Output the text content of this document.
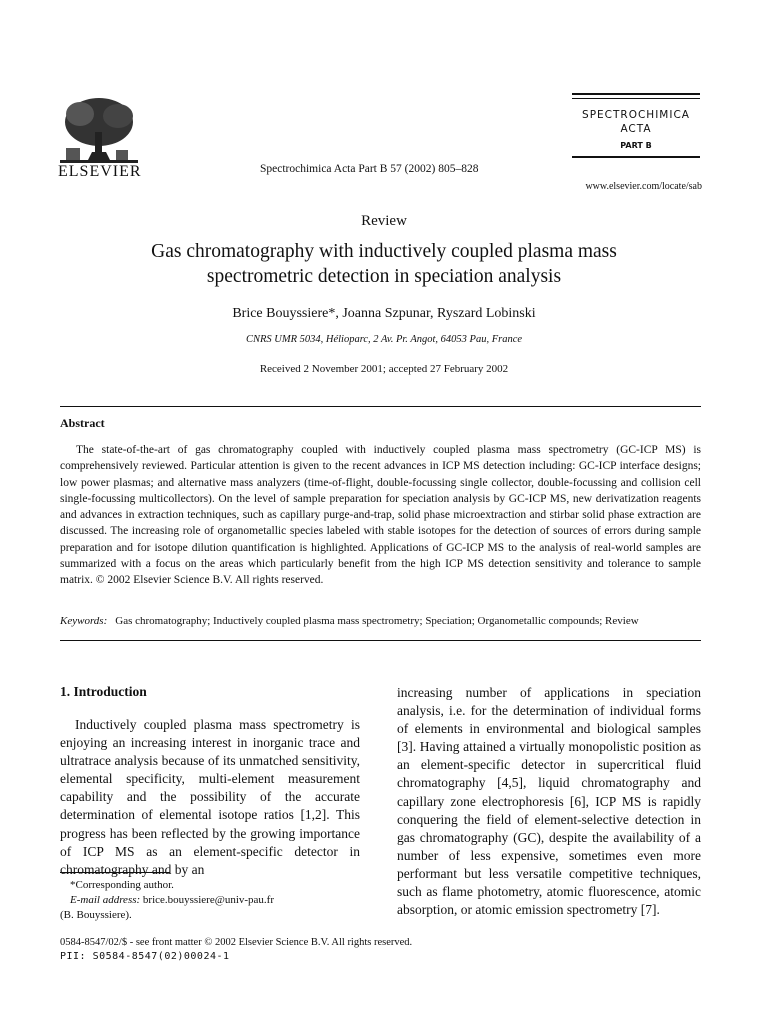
ELSEVIER	Spectrochimica Acta Part B 57 (2002) 805–828
SPECTROCHIMICA
ACTA
PART B
www.elsevier.com/locate/sab
Review
Gas chromatography with inductively coupled plasma mass
spectrometric detection in speciation analysis
Brice Bouyssiere*, Joanna Szpunar, Ryszard Lobinski
CNRS UMR 5034, Hélioparc, 2 Av. Pr. Angot, 64053 Pau, France
Received 2 November 2001; accepted 27 February 2002
Abstract
The state-of-the-art of gas chromatography coupled with inductively coupled plasma mass spectrometry (GC-ICP MS) is comprehensively reviewed. Particular attention is given to the recent advances in ICP MS detection including: GC-ICP interface designs; low power plasmas; and alternative mass analyzers (time-of-flight, double-focussing single collector, double-focussing and collision cell single-focussing multicollectors). On the level of sample preparation for speciation analysis by GC-ICP MS, new derivatization reagents and advances in extraction techniques, such as capillary purge-and-trap, solid phase microextraction and stirbar solid phase extraction are discussed. The increasing role of organometallic species labeled with stable isotopes for the detection of sources of errors during sample preparation and for isotope dilution quantification is highlighted. Applications of GC-ICP MS to the analysis of real-world samples are summarized with a focus on the areas which particularly benefit from the high ICP MS detection sensitivity and tolerance to sample matrix. © 2002 Elsevier Science B.V. All rights reserved.
Keywords: Gas chromatography; Inductively coupled plasma mass spectrometry; Speciation; Organometallic compounds; Review
1. Introduction
Inductively coupled plasma mass spectrometry is enjoying an increasing interest in inorganic trace and ultratrace analysis because of its unmatched sensitivity, elemental specificity, multi-element measurement capability and the possibility of the accurate determination of elemental isotope ratios [1,2]. This progress has been reflected by the growing importance of ICP MS as an element-specific detector in chromatography and by an
increasing number of applications in speciation analysis, i.e. for the determination of individual forms of elements in environmental and biological samples [3]. Having attained a virtually monopolistic position as an element-specific detector in supercritical fluid chromatography [4,5], liquid chromatography and capillary zone electrophoresis [6], ICP MS is rapidly conquering the field of element-selective detection in gas chromatography (GC), despite the availability of a number of less expensive, sometimes even more performant but less versatile competitive techniques, such as flame photometry, atomic fluorescence, atomic absorption, or atomic emission spectrometry [7].
*Corresponding author.
E-mail address: brice.bouyssiere@univ-pau.fr
(B. Bouyssiere).
0584-8547/02/$ - see front matter © 2002 Elsevier Science B.V. All rights reserved.
PII: S0584-8547(02)00024-1
